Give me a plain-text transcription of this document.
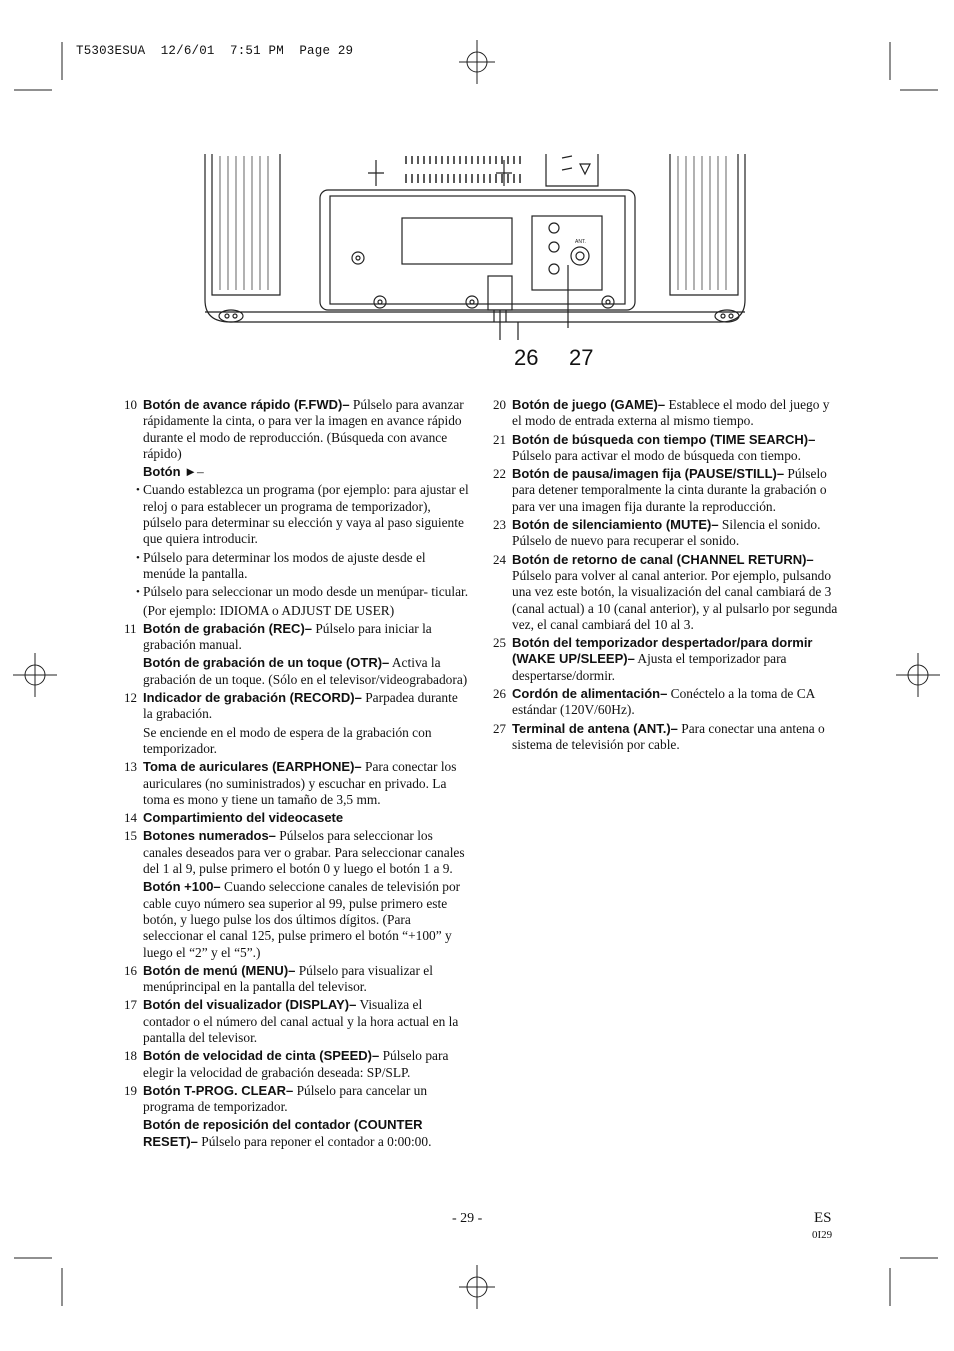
T5303ESUA  12/6/01  7:51 PM  Page 29
ANT.
26 27
10 Botón de avance rápido (F.FWD)– Púlselo para avanzar rápidamente la cinta, o para ver la imagen en avance rápido durante el modo de reproducción. (Búsqueda con avance rápido)
Botón ►–
• Cuando establezca un programa (por ejemplo: para ajustar el reloj o para establecer un programa de temporizador), púlselo para determinar su elección y vaya al paso siguiente que quiera introducir.
• Púlselo para determinar los modos de ajuste desde el menúde la pantalla.
• Púlselo para seleccionar un modo desde un menúpar- ticular.
(Por ejemplo: IDIOMA o ADJUST DE USER)
11 Botón de grabación (REC)– Púlselo para iniciar la grabación manual.
Botón de grabación de un toque (OTR)– Activa la grabación de un toque. (Sólo en el televisor/videograbadora)
12 Indicador de grabación (RECORD)– Parpadea durante la grabación.
Se enciende en el modo de espera de la grabación con temporizador.
13 Toma de auriculares (EARPHONE)– Para conectar los auriculares (no suministrados) y escuchar en privado. La toma es mono y tiene un tamaño de 3,5 mm.
14 Compartimiento del videocasete
15 Botones numerados– Púlselos para seleccionar los canales deseados para ver o grabar. Para seleccionar canales del 1 al 9, pulse primero el botón 0 y luego el botón 1 a 9.
Botón +100– Cuando seleccione canales de televisión por cable cuyo número sea superior al 99, pulse primero este botón, y luego pulse los dos últimos dígitos. (Para seleccionar el canal 125, pulse primero el botón “+100” y luego el “2” y el “5”.)
16 Botón de menú (MENU)– Púlselo para visualizar el menúprincipal en la pantalla del televisor.
17 Botón del visualizador (DISPLAY)– Visualiza el contador o el número del canal actual y la hora actual en la pantalla del televisor.
18 Botón de velocidad de cinta (SPEED)– Púlselo para elegir la velocidad de grabación deseada: SP/SLP.
19 Botón T-PROG. CLEAR– Púlselo para cancelar un programa de temporizador.
Botón de reposición del contador (COUNTER RESET)– Púlselo para reponer el contador a 0:00:00.
20 Botón de juego (GAME)– Establece el modo del juego y el modo de entrada externa al mismo tiempo.
21 Botón de búsqueda con tiempo (TIME SEARCH)– Púlselo para activar el modo de búsqueda con tiempo.
22 Botón de pausa/imagen fija (PAUSE/STILL)– Púlselo para detener temporalmente la cinta durante la grabación o para ver una imagen fija durante la reproducción.
23 Botón de silenciamiento (MUTE)– Silencia el sonido. Púlselo de nuevo para recuperar el sonido.
24 Botón de retorno de canal (CHANNEL RETURN)– Púlselo para volver al canal anterior. Por ejemplo, pulsando una vez este botón, la visualización del canal cambiará de 3 (canal actual) a 10 (canal anterior), y al pulsarlo por segunda vez, el canal cambiará del 10 al 3.
25 Botón del temporizador despertador/para dormir (WAKE UP/SLEEP)– Ajusta el temporizador para despertarse/dormir.
26 Cordón de alimentación– Conéctelo a la toma de CA estándar (120V/60Hz).
27 Terminal de antena (ANT.)– Para conectar una antena o sistema de televisión por cable.
- 29 -	ES
0I29
